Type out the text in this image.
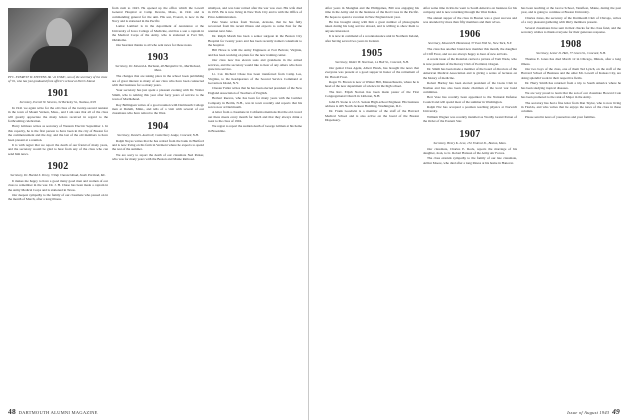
PFC. EVERETT W. STEVENS JR. '41 USMC, son of the secretary of the class of '01, who has just graduated from officer's school at Parris Island.
1901
Secretary, Everett W. Stevens, 32 Berkeley St., Nashua, N.H.

In 1941 we again write for the old class of the twenty-second reunion in the town of Mount Vernon, Mass., and I am sure that all of the class will greatly appreciate the many letters received in regard to the forthcoming celebration.

Harry Gilmore writes as secretary of Western Electric September 1. In this capacity, he is the first person to have been in the city of Boston for the commencement and the day, and the last of the old members to have been present at a reunion.

It is with regret that we report the death of our friend of many years, and the secretary would be glad to hear from any of the class who can send him news.

1902
Secretary, Dr. Harold S. Drury, 3 Ship Channel Road, South Portland, Me.

It makes me happy to have a good many good men and women of our class to remember in the war. Dr. J. H. Chase has been made a captain in the Army Medical Corps and is stationed in Texas.

Our deepest sympathy to the family of our classmate who passed on in the month of March, after a long illness.

from rush to 1943. He opened up the office which the Lowell General Hospital at Camp Devens, Mass., in 1941 and is commanding general for the unit. His son, Everett, is now in the Navy and is stationed in the Pacific.

Lamar Lambert is in the department of Assistance at the University of Iowa College of Medicine, and has a son a captain in the Medical Corps of the Army, who is stationed at Fort Sill, Oklahoma.

Our heartiest thanks to all who sent news for these notes.

1903
Secretary, Dr. Edward A. Burbank, 48 Hampshire St., Marblehead, Mass.

The changes that are taking place in the school book publishing are of great interest to many of our class who have been connected with that business for so many years.

Your secretary has just spent a pleasant evening with Dr. Walter Smith, who is retiring this year after forty years of service to the town of Marblehead.

Roy Bellingsen writes of a good reunion with Dartmouth College men at Duluth, Minn., and tells of a visit with several of our classmates who have retired to the West.

1904
Secretary, David S. Austin II, Canterbury Lodge, Concord, N.H.

Ralph Noyes writes that he has retired from the bank in Hartford and is now living on his farm in Vermont where he expects to spend the rest of the summer.

We are sorry to report the death of our classmate Ned Parker, who was for many years with the Boston and Maine Railroad.

smallpox, and was later retired after the war was over. His wife died in 1933. He is now living in New York City and is with the Office of Price Administration.

Pete Stone writes from Tucson, Arizona, that he has fully recovered from his recent illness and expects to come East for the reunion next June.

Dr. Ralph Marsh has been a senior surgeon in the Boston City Hospital for twenty years and has been recently named consultant to the hospital.

Bill Howe is with the Army Engineers at Fort Belvoir, Virginia, and has been working on plans for the new training center.

Our class now has eleven sons and grandsons in the armed services, and the secretary would like to hear of any others who have gone into service.

Lt. Col. Richard Chase has been transferred from Camp Lee, Virginia, to the headquarters of the Second Service Command at Governors Island, N.Y.

Chester Fuller writes that he has been elected president of the New England Association of Teachers of English.

Herbert Reeves, who has been for many years with the Lumber Company in Berlin, N.H., was in town recently and reports that his son is now at Dartmouth.

A letter from a classmate in California mentions that the old crowd out there meets every month for lunch and that they always drink a toast to the class of 1904.

We regret to report the sudden death of George Gilman at his home in Brookline.

48 DARTMOUTH ALUMNI MAGAZINE

After years in Shanghai and the Philippines, Bill was engaging his time in the Army and in the business of the Red Cross in the Pacific. He hopes to spend a vacation in New England next year.

He has brought along with him a great number of photographs taken during his long service abroad, and is willing to show them to anyone interested.

It is now in command of a reconnaissance unit in Northern Ireland, after having served two years in Iceland.

1905
Secretary, Walter H. Sherman, 14 Holt St., Concord, N.H.

Our genial Class Agent, Albert Hawk, has brought the news that everyone was present at a good supper in honor of the retirement of Dr. Harold Frost.

Roger W. Brown is now at Winter Hill, Massachusetts, where he is head of the new department of science in the high school.

The Rev. Elijah Norton has been made pastor of the First Congregational Church in Littleton, N.H.

John H. Stone is a U.S. Senate High-school Engineer. His business address is 405 North Jackson Building, Washington, D.C.

Dr. Frank Goodwin is a member of the staff of the Harvard Medical School and is also active on the board of the Boston Dispensary.

After some time in Rio he went to South America on business for his company and is now returning through the West Indies.

The annual supper of the class in Boston was a great success and was attended by more than fifty members and their wives.

1906
Secretary, Edward H. Hammond, 37 East 59th St., New York, N.Y.

The class has another brand new member this month, the daughter of Cliff Frost, and we are always happy to hear of new arrivals.

A recent issue of the Rotarian carried a picture of Tom Wade, who is now president of the Rotary Club of Portland, Oregon.

Dr. Smith has been made a member of the board of directors of the American Medical Association and is giving a series of lectures on the history of medicine.

Robert Hartley has been elected president of the Lions Club in Nashua and has also been made chairman of the local war bond committee.

Bert Vose has recently been appointed to the National Defense Council and will spend most of the summer in Washington.

Ralph Fitz has accepted a position teaching physics at Norwich University.

William Wagner was recently installed as Worthy Grand Patron of the Order of the Eastern Star.

1907
Secretary, Henry K. Leve, 152 Federal St., Boston, Mass.

Our classmate, Charles E. Rock, reports the marriage of his daughter, Joan, to Lt. Robert Hanson of the Army Air Forces.

The class extends sympathy to the family of our late classmate, Arthur Moore, who died after a long illness at his home in Hanover.

has been teaching at the Grove School, Vansfleet, Maine, during the past year, and is going to continue at Boston University.

Charles Jones, the secretary of the Dartmouth Club of Chicago, writes of a very pleasant gathering with thirty members present.

Several classmates have sent in their checks for the class fund, and the secretary wishes to thank everyone for their generous response.

1908
Secretary, Lester D. Hall, 77 Green St., Concord, N.H.

Thomas E. Jones has died March 12 in Chicago, Illinois, after a long illness.

Our two boys of the class, one of them Ted Lynch, on the staff of the Harvard School of Business and the other Mr. Lowell of Kansas City, are doing splendid work in their respective fields.

Dr. Harry Smith has returned from a trip to South America where he has been studying tropical diseases.

We are very proud to learn that the son of our classmate Howard Cole has been promoted to the rank of Major in the Army.

The secretary has had a fine letter from Dan Taylor, who is now living in Florida, and who writes that he enjoys the news of the class in these columns.

Please send in news of yourselves and your families.

Issue of August 1943 49
